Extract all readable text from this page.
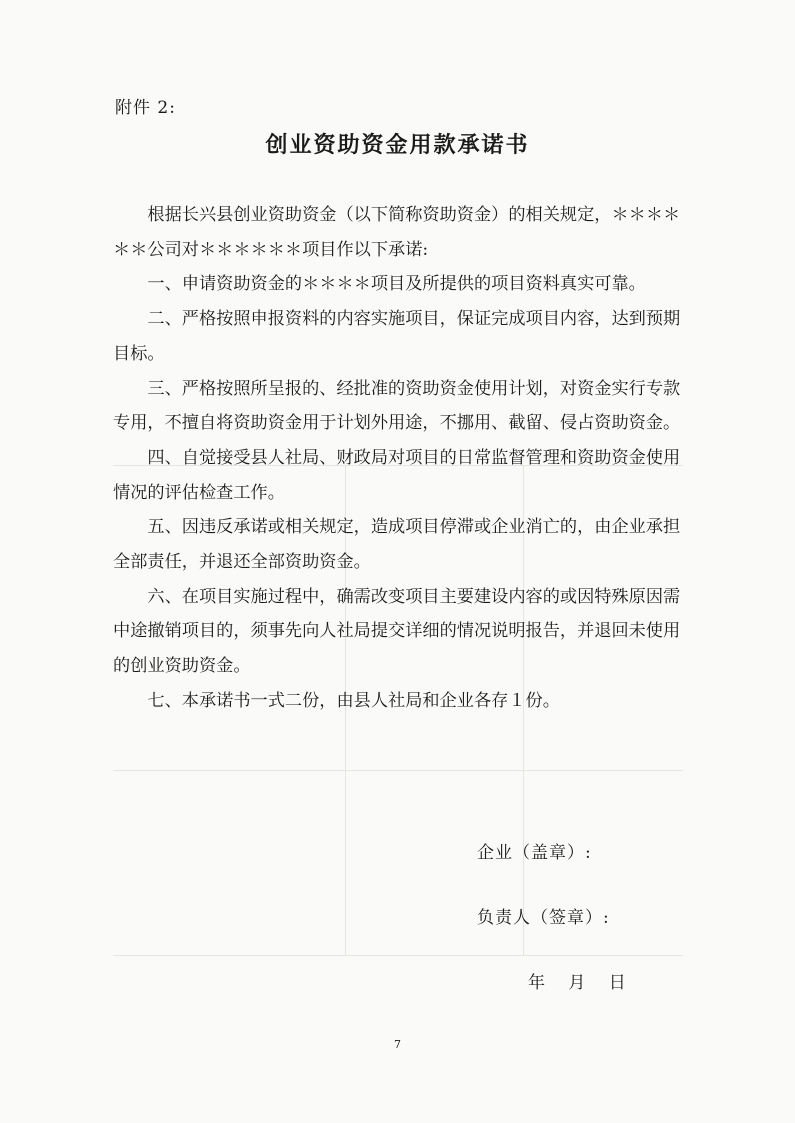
附件 2:
创业资助资金用款承诺书

根据长兴县创业资助资金（以下简称资助资金）的相关规定，＊＊＊＊＊＊公司对＊＊＊＊＊＊项目作以下承诺:

一、申请资助资金的＊＊＊＊项目及所提供的项目资料真实可靠。

二、严格按照申报资料的内容实施项目，保证完成项目内容，达到预期目标。

三、严格按照所呈报的、经批准的资助资金使用计划，对资金实行专款专用，不擅自将资助资金用于计划外用途，不挪用、截留、侵占资助资金。

四、自觉接受县人社局、财政局对项目的日常监督管理和资助资金使用情况的评估检查工作。

五、因违反承诺或相关规定，造成项目停滞或企业消亡的，由企业承担全部责任，并退还全部资助资金。

六、在项目实施过程中，确需改变项目主要建设内容的或因特殊原因需中途撤销项目的，须事先向人社局提交详细的情况说明报告，并退回未使用的创业资助资金。

七、本承诺书一式二份，由县人社局和企业各存１份。

企业（盖章）:
负责人（签章）:
年 月 日
7
